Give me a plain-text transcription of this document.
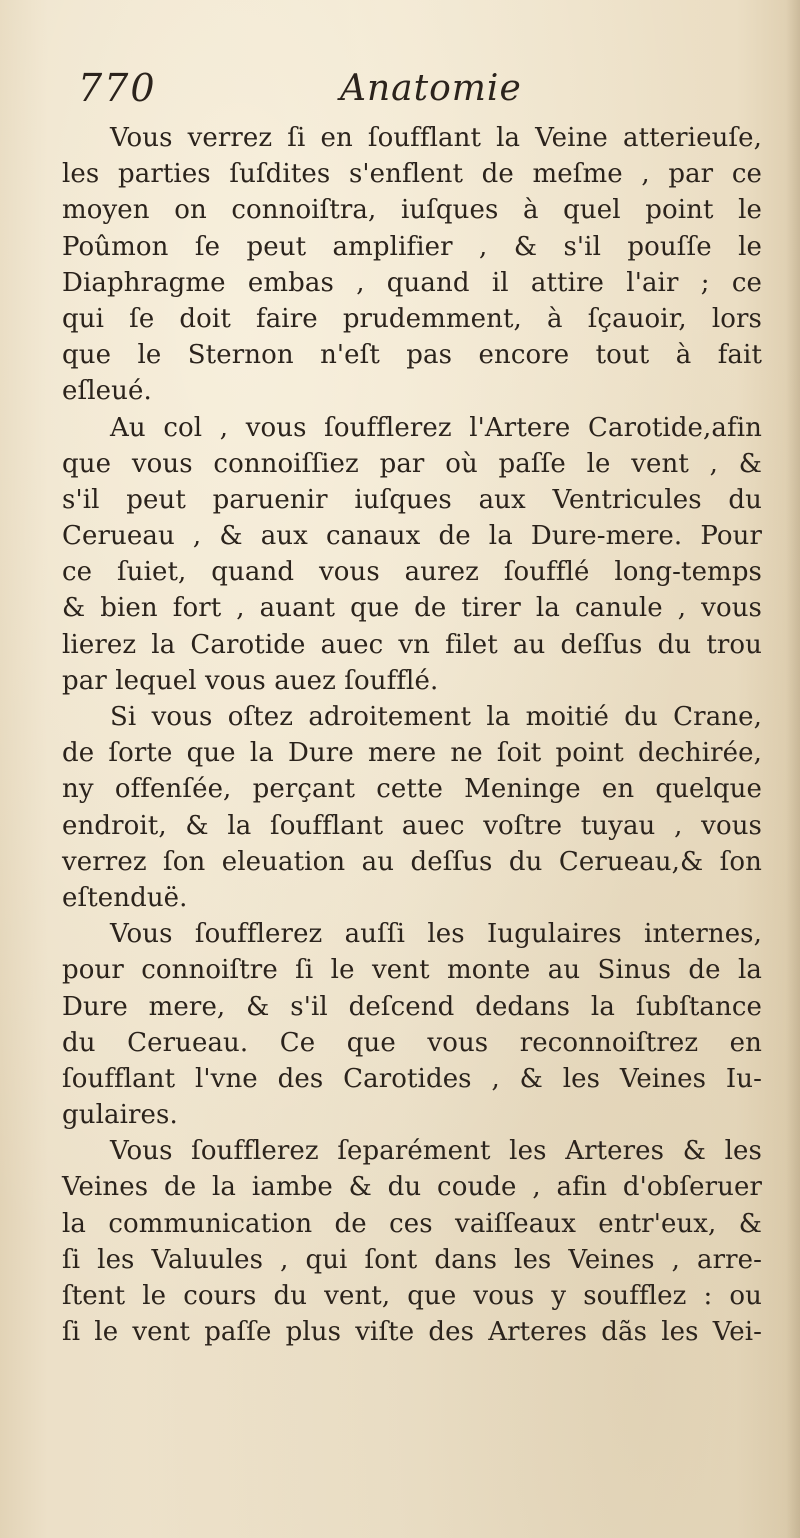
770	Anatomie
Vous verrez ſi en ſoufflant la Veine atterieuſe,
les parties ſuſdites s'enflent de meſme , par ce
moyen on connoiſtra, iuſques à quel point le
Poûmon ſe peut amplifier , & s'il pouſſe le
Diaphragme embas , quand il attire l'air ; ce
qui ſe doit faire prudemment, à ſçauoir, lors
que le Sternon n'eſt pas encore tout à fait
eſleué.
Au col , vous ſoufflerez l'Artere Carotide,afin
que vous connoiſſiez par où paſſe le vent , &
s'il peut paruenir iuſques aux Ventricules du
Cerueau , & aux canaux de la Dure-mere. Pour
ce ſuiet, quand vous aurez ſoufflé long-temps
& bien fort , auant que de tirer la canule , vous
lierez la Carotide auec vn filet au deſſus du trou
par lequel vous auez ſoufflé.
Si vous oſtez adroitement la moitié du Crane,
de ſorte que la Dure mere ne ſoit point dechirée,
ny offenſée, perçant cette Meninge en quelque
endroit, & la ſoufflant auec voſtre tuyau , vous
verrez ſon eleuation au deſſus du Cerueau,& ſon
eſtenduë.
Vous ſoufflerez auſſi les Iugulaires internes,
pour connoiſtre ſi le vent monte au Sinus de la
Dure mere, & s'il deſcend dedans la ſubſtance
du Cerueau. Ce que vous reconnoiſtrez en
ſoufflant l'vne des Carotides , & les Veines Iu-
gulaires.
Vous ſoufflerez ſeparément les Arteres & les
Veines de la iambe & du coude , afin d'obſeruer
la communication de ces vaiſſeaux entr'eux, &
ſi les Valuules , qui ſont dans les Veines , arre-
ſtent le cours du vent, que vous y soufflez : ou
ſi le vent paſſe plus viſte des Arteres dãs les Vei-
